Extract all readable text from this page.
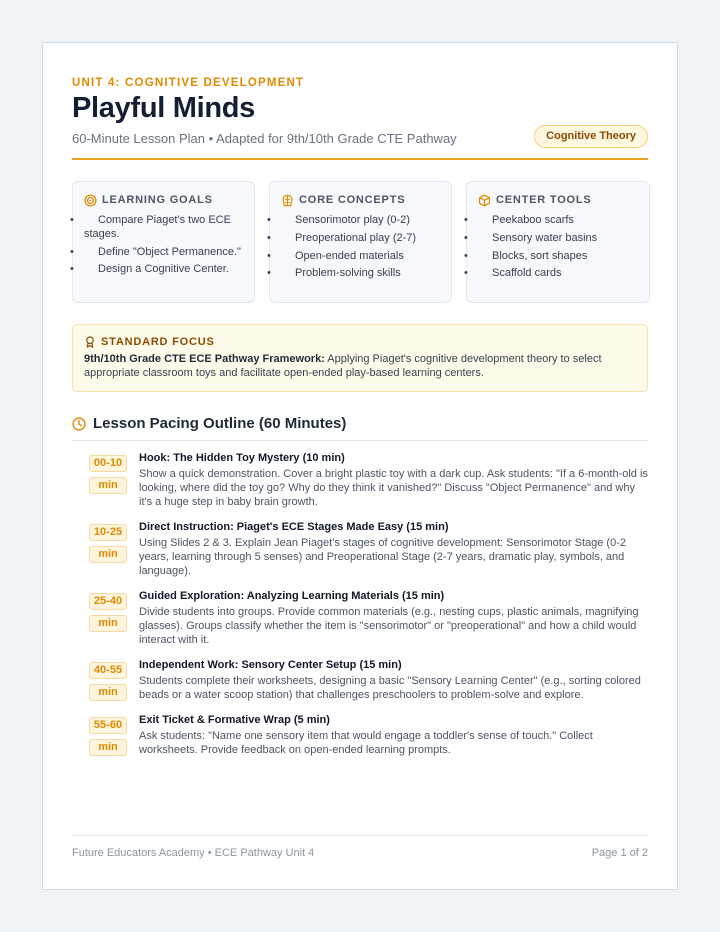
UNIT 4: COGNITIVE DEVELOPMENT
Playful Minds
60-Minute Lesson Plan • Adapted for 9th/10th Grade CTE Pathway	Cognitive Theory
LEARNING GOALS
• Compare Piaget's two ECE stages.
• Define "Object Permanence."
• Design a Cognitive Center.
CORE CONCEPTS
• Sensorimotor play (0-2)
• Preoperational play (2-7)
• Open-ended materials
• Problem-solving skills
CENTER TOOLS
• Peekaboo scarfs
• Sensory water basins
• Blocks, sort shapes
• Scaffold cards
STANDARD FOCUS

9th/10th Grade CTE ECE Pathway Framework: Applying Piaget's cognitive development theory to select appropriate classroom toys and facilitate open-ended play-based learning centers.

Lesson Pacing Outline (60 Minutes)
00-10
min
Hook: The Hidden Toy Mystery (10 min)
Show a quick demonstration. Cover a bright plastic toy with a dark cup. Ask students: "If a 6-month-old is looking, where did the toy go? Why do they think it vanished?" Discuss "Object Permanence" and why it's a huge step in baby brain growth.
10-25
min
Direct Instruction: Piaget's ECE Stages Made Easy (15 min)
Using Slides 2 & 3. Explain Jean Piaget's stages of cognitive development: Sensorimotor Stage (0-2 years, learning through 5 senses) and Preoperational Stage (2-7 years, dramatic play, symbols, and language).
25-40
min
Guided Exploration: Analyzing Learning Materials (15 min)
Divide students into groups. Provide common materials (e.g., nesting cups, plastic animals, magnifying glasses). Groups classify whether the item is "sensorimotor" or "preoperational" and how a child would interact with it.
40-55
min
Independent Work: Sensory Center Setup (15 min)
Students complete their worksheets, designing a basic "Sensory Learning Center" (e.g., sorting colored beads or a water scoop station) that challenges preschoolers to problem-solve and explore.
55-60
min
Exit Ticket & Formative Wrap (5 min)
Ask students: "Name one sensory item that would engage a toddler's sense of touch." Collect worksheets. Provide feedback on open-ended learning prompts.
Future Educators Academy • ECE Pathway Unit 4	Page 1 of 2
